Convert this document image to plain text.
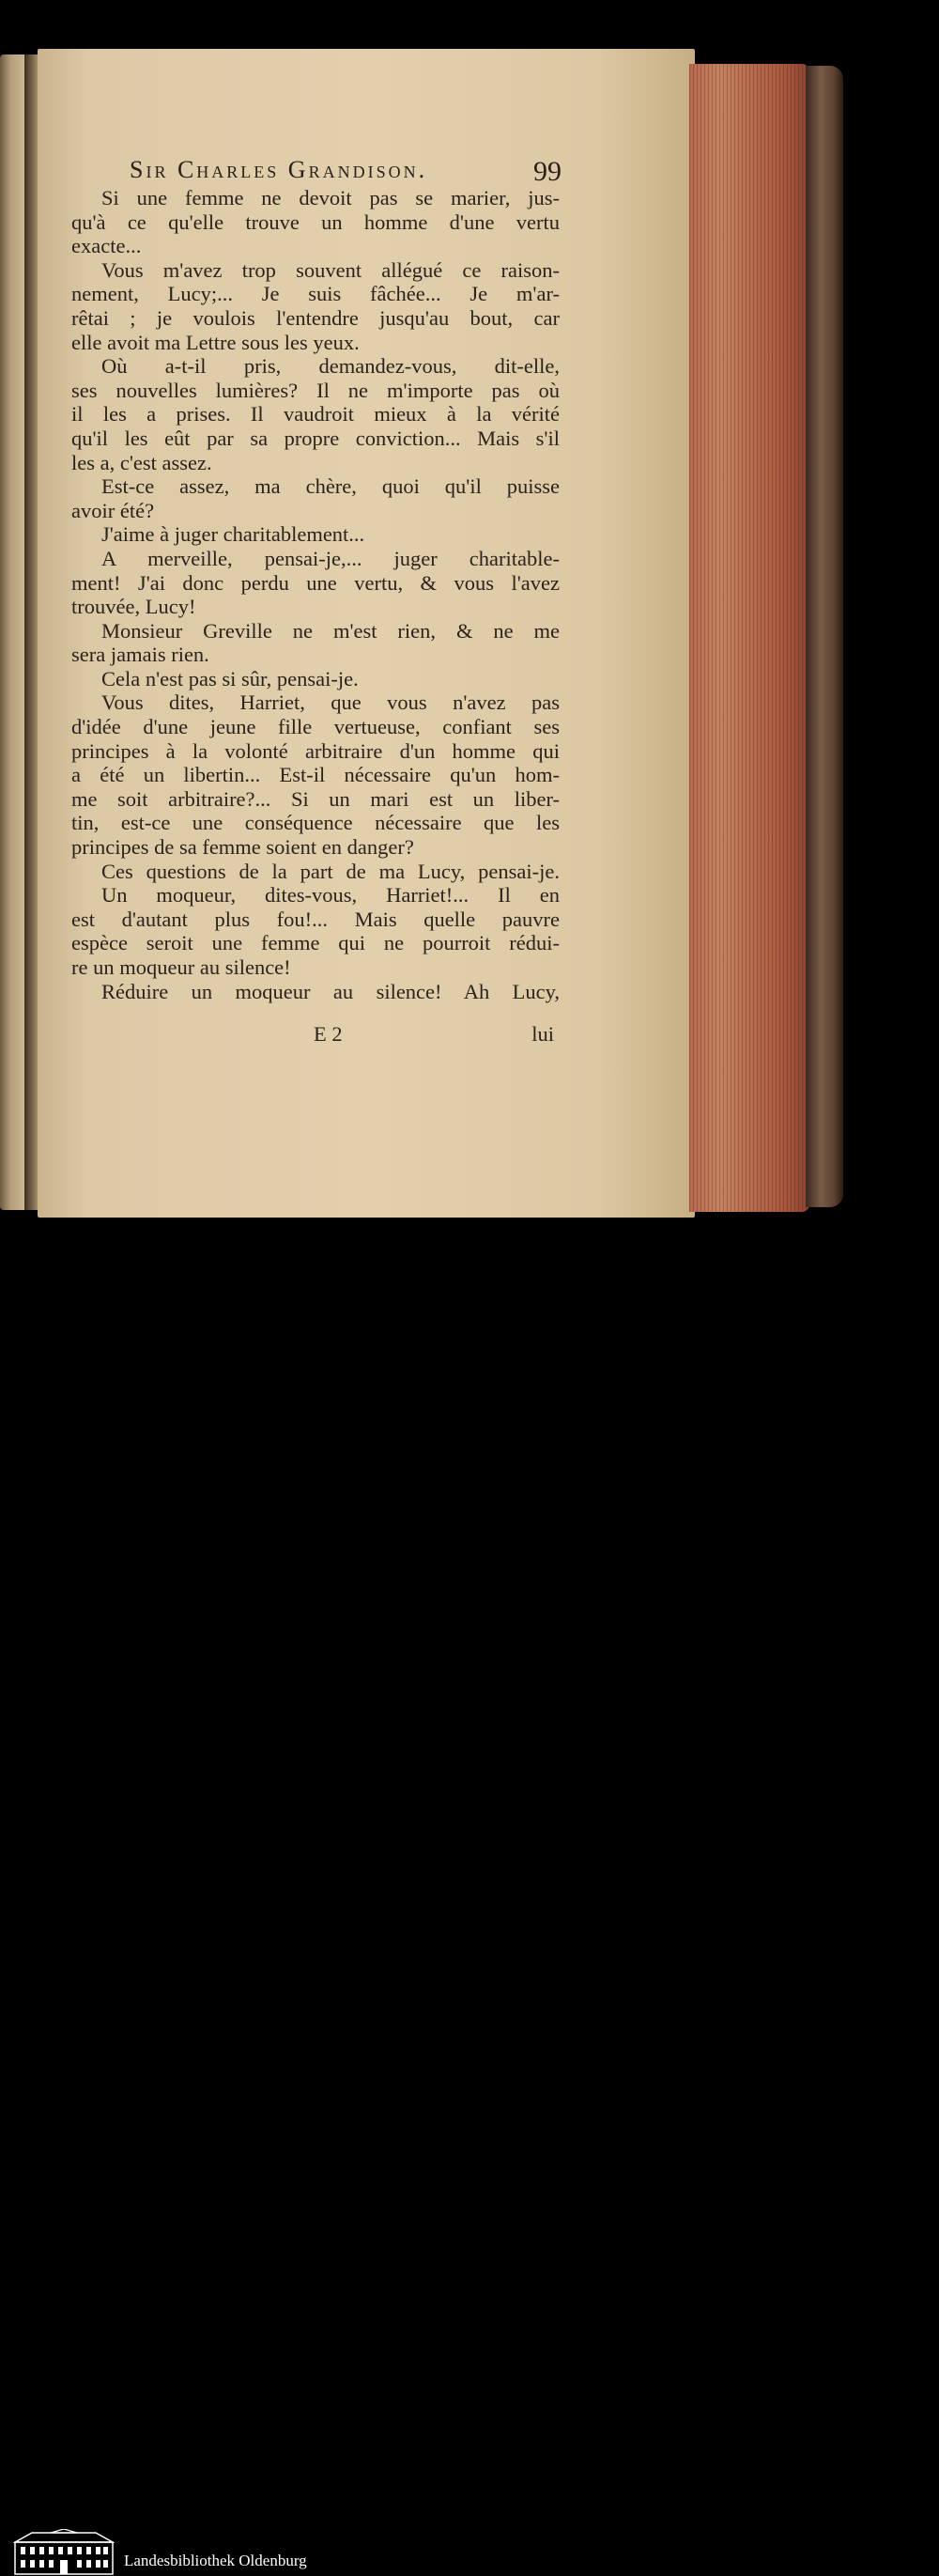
Sir Charles Grandison.	99
Si une femme ne devoit pas se marier, jus-
qu'à ce qu'elle trouve un homme d'une vertu
exacte...
Vous m'avez trop souvent allégué ce raison-
nement, Lucy;... Je suis fâchée... Je m'ar-
rêtai ; je voulois l'entendre jusqu'au bout, car
elle avoit ma Lettre sous les yeux.
Où a-t-il pris, demandez-vous, dit-elle,
ses nouvelles lumières? Il ne m'importe pas où
il les a prises. Il vaudroit mieux à la vérité
qu'il les eût par sa propre conviction... Mais s'il
les a, c'est assez.
Est-ce assez, ma chère, quoi qu'il puisse
avoir été?
J'aime à juger charitablement...
A merveille, pensai-je,... juger charitable-
ment! J'ai donc perdu une vertu, & vous l'avez
trouvée, Lucy!
Monsieur Greville ne m'est rien, & ne me
sera jamais rien.
Cela n'est pas si sûr, pensai-je.
Vous dites, Harriet, que vous n'avez pas
d'idée d'une jeune fille vertueuse, confiant ses
principes à la volonté arbitraire d'un homme qui
a été un libertin... Est-il nécessaire qu'un hom-
me soit arbitraire?... Si un mari est un liber-
tin, est-ce une conséquence nécessaire que les
principes de sa femme soient en danger?
Ces questions de la part de ma Lucy, pensai-je.
Un moqueur, dites-vous, Harriet!... Il en
est d'autant plus fou!... Mais quelle pauvre
espèce seroit une femme qui ne pourroit rédui-
re un moqueur au silence!
Réduire un moqueur au silence! Ah Lucy,
E 2	lui
Landesbibliothek Oldenburg
